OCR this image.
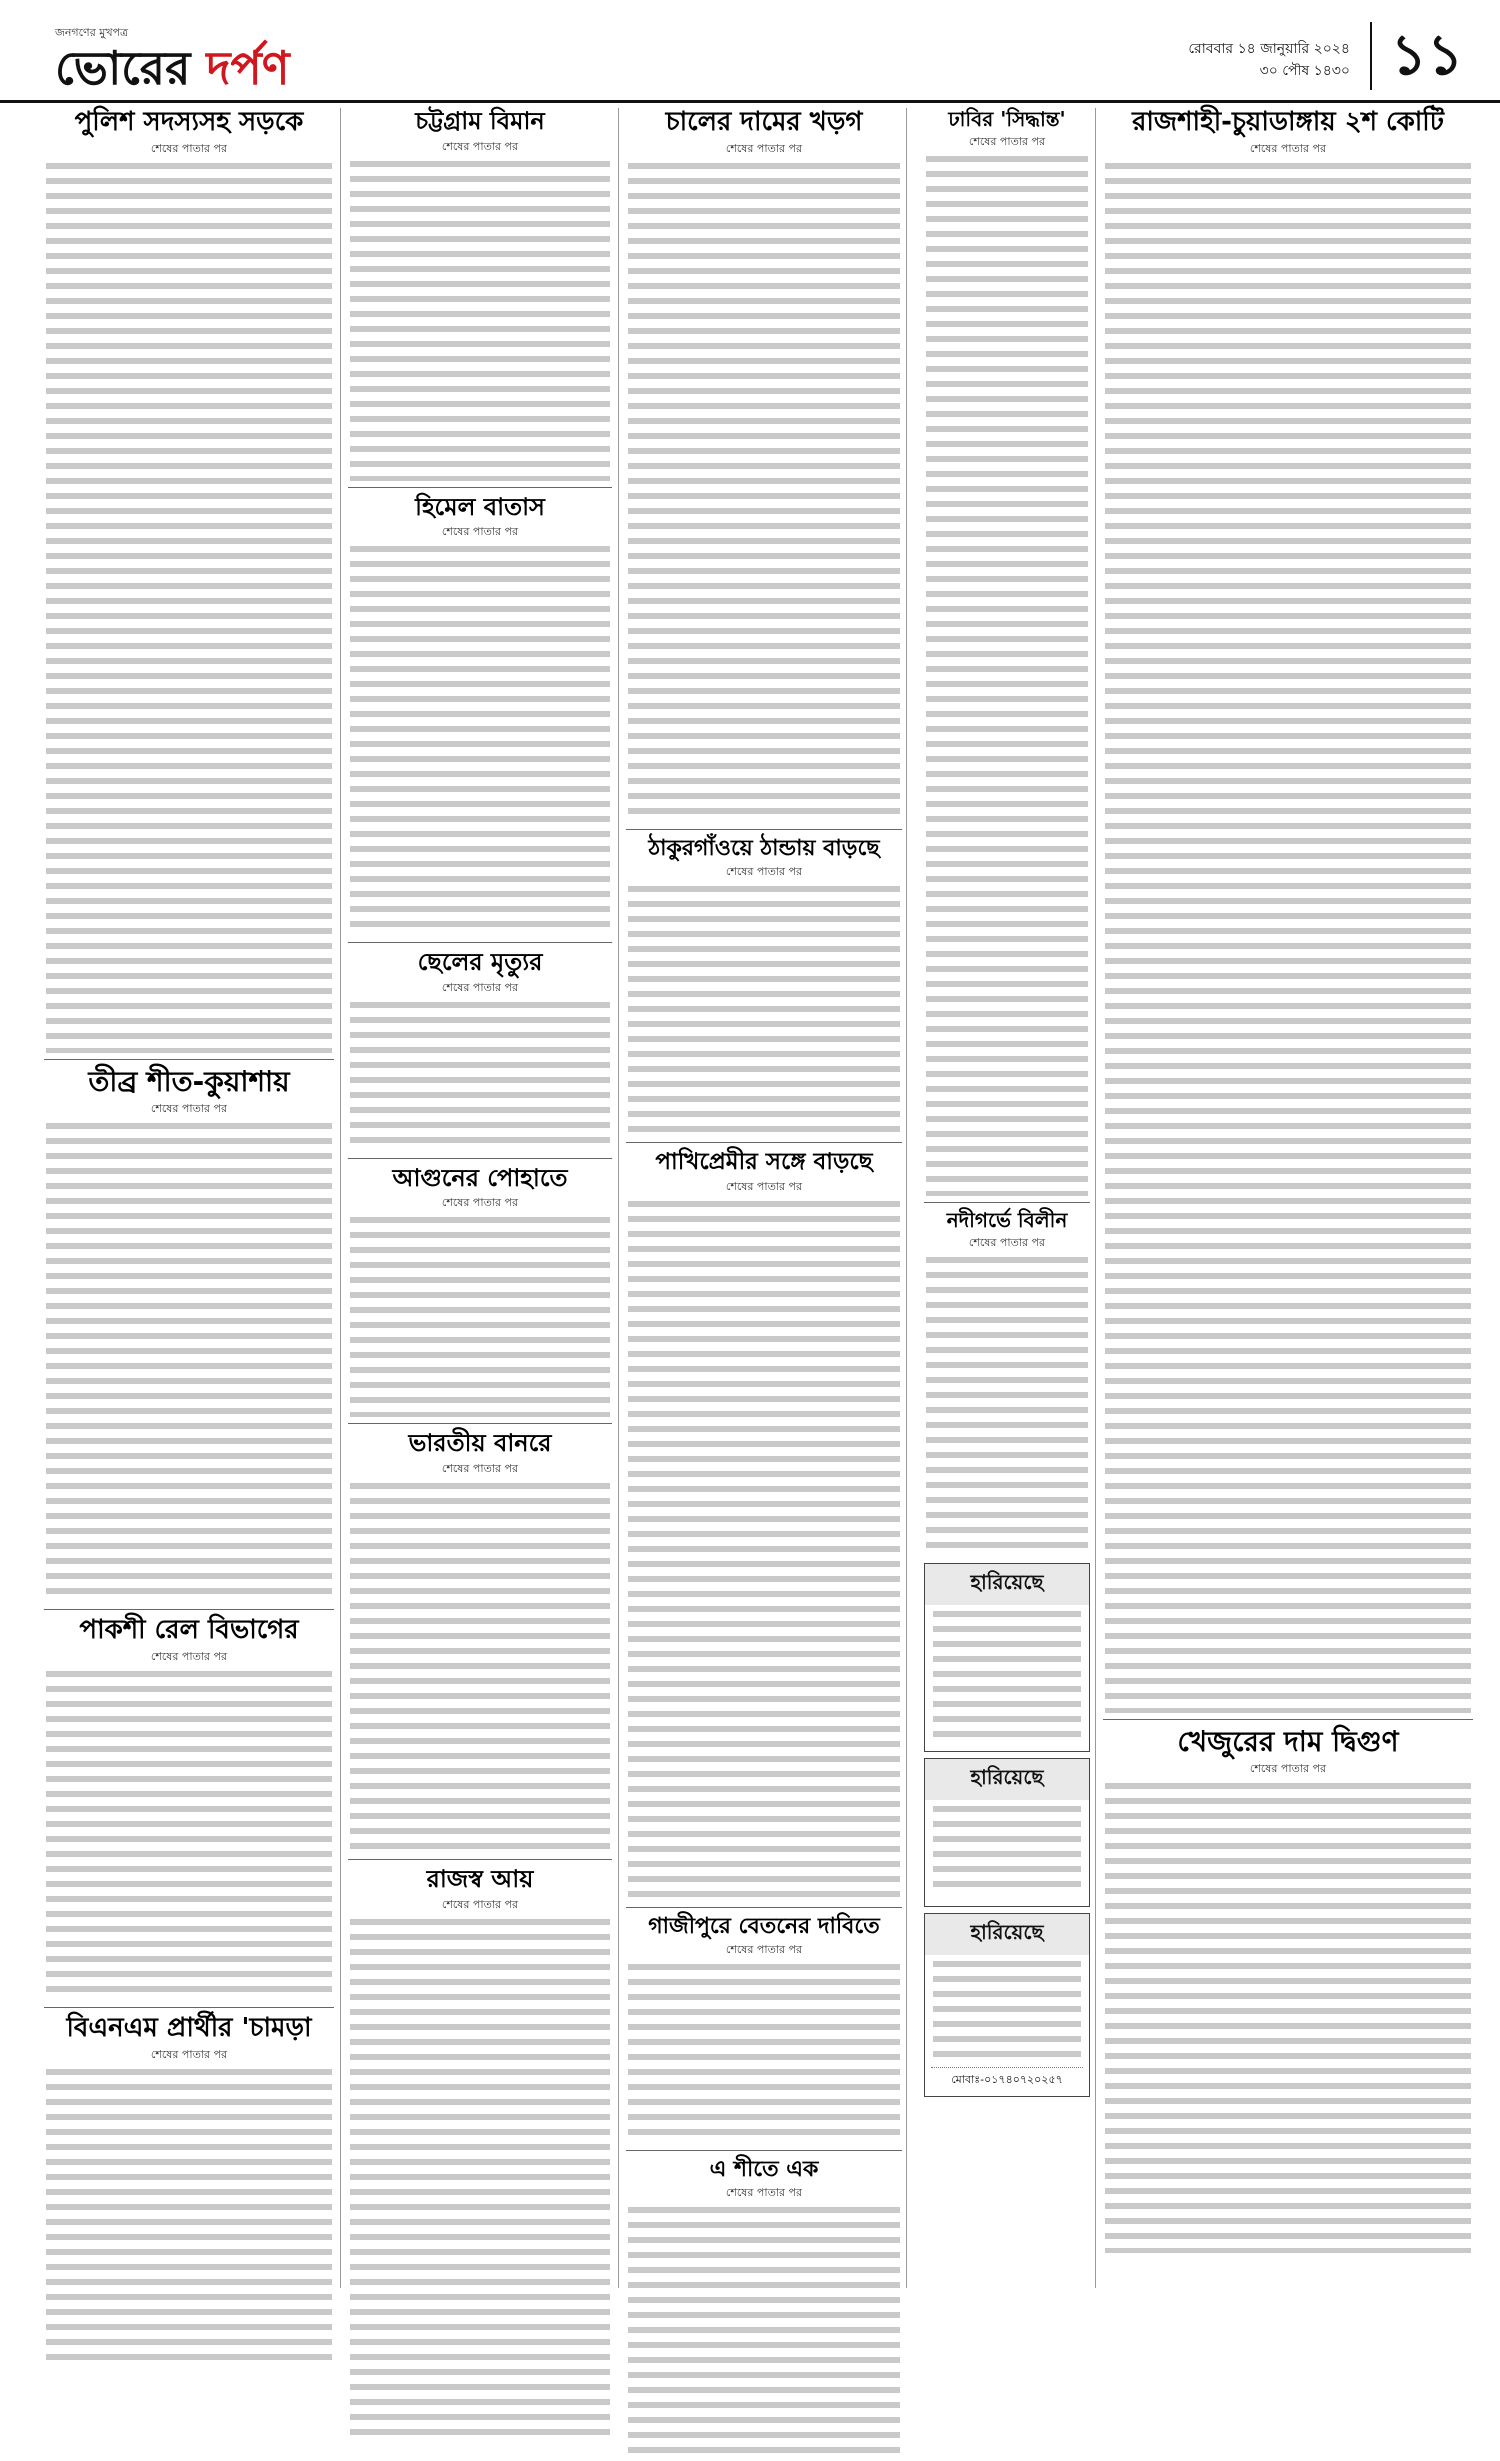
জনগণের মুখপত্র
ভোরের দর্পণ	রোববার ১৪ জানুয়ারি ২০২৪
৩০ পৌষ ১৪৩০ ১১
পুলিশ সদস্যসহ সড়কে
শেষের পাতার পর
তীব্র শীত-কুয়াশায়
শেষের পাতার পর
পাকশী রেল বিভাগের
শেষের পাতার পর
বিএনএম প্রার্থীর 'চামড়া
শেষের পাতার পর
চট্টগ্রাম বিমান
শেষের পাতার পর
হিমেল বাতাস
শেষের পাতার পর
ছেলের মৃত্যুর
শেষের পাতার পর
আগুনের পোহাতে
শেষের পাতার পর
ভারতীয় বানরে
শেষের পাতার পর
রাজস্ব আয়
শেষের পাতার পর
চালের দামের খড়গ
শেষের পাতার পর
ঠাকুরগাঁওয়ে ঠান্ডায় বাড়ছে
শেষের পাতার পর
পাখিপ্রেমীর সঙ্গে বাড়ছে
শেষের পাতার পর
গাজীপুরে বেতনের দাবিতে
শেষের পাতার পর
এ শীতে এক
শেষের পাতার পর
ঢাবির 'সিদ্ধান্ত'
শেষের পাতার পর
নদীগর্ভে বিলীন
শেষের পাতার পর
হারিয়েছে
হারিয়েছে
হারিয়েছে
মোবাঃ-০১৭৪০৭২০২৫৭
রাজশাহী-চুয়াডাঙ্গায় ২শ কোটি
শেষের পাতার পর
খেজুরের দাম দ্বিগুণ
শেষের পাতার পর
